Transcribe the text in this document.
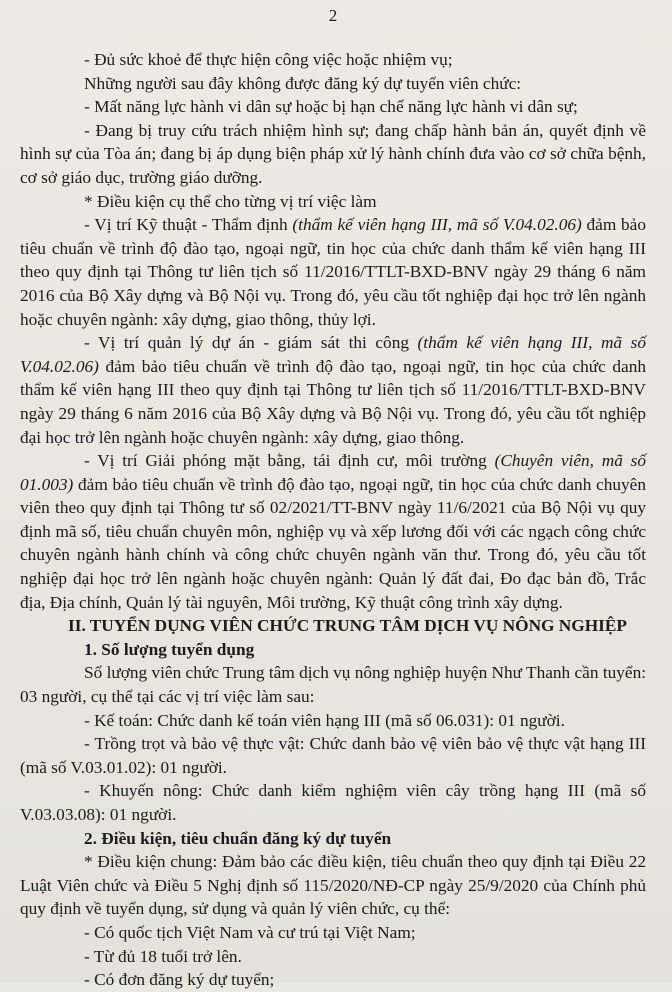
2

- Đủ sức khoẻ để thực hiện công việc hoặc nhiệm vụ;

Những người sau đây không được đăng ký dự tuyển viên chức:

- Mất năng lực hành vi dân sự hoặc bị hạn chế năng lực hành vi dân sự;

- Đang bị truy cứu trách nhiệm hình sự; đang chấp hành bản án, quyết định về hình sự của Tòa án; đang bị áp dụng biện pháp xử lý hành chính đưa vào cơ sở chữa bệnh, cơ sở giáo dục, trường giáo dưỡng.

* Điều kiện cụ thể cho từng vị trí việc làm

- Vị trí Kỹ thuật - Thẩm định (thẩm kế viên hạng III, mã số V.04.02.06) đảm bảo tiêu chuẩn về trình độ đào tạo, ngoại ngữ, tin học của chức danh thẩm kế viên hạng III theo quy định tại Thông tư liên tịch số 11/2016/TTLT-BXD-BNV ngày 29 tháng 6 năm 2016 của Bộ Xây dựng và Bộ Nội vụ. Trong đó, yêu cầu tốt nghiệp đại học trở lên ngành hoặc chuyên ngành: xây dựng, giao thông, thủy lợi.

- Vị trí quản lý dự án - giám sát thi công (thẩm kế viên hạng III, mã số V.04.02.06) đảm bảo tiêu chuẩn về trình độ đào tạo, ngoại ngữ, tin học của chức danh thẩm kế viên hạng III theo quy định tại Thông tư liên tịch số 11/2016/TTLT-BXD-BNV ngày 29 tháng 6 năm 2016 của Bộ Xây dựng và Bộ Nội vụ. Trong đó, yêu cầu tốt nghiệp đại học trở lên ngành hoặc chuyên ngành: xây dựng, giao thông.

- Vị trí Giải phóng mặt bằng, tái định cư, môi trường (Chuyên viên, mã số 01.003) đảm bảo tiêu chuẩn về trình độ đào tạo, ngoại ngữ, tin học của chức danh chuyên viên theo quy định tại Thông tư số 02/2021/TT-BNV ngày 11/6/2021 của Bộ Nội vụ quy định mã số, tiêu chuẩn chuyên môn, nghiệp vụ và xếp lương đối với các ngạch công chức chuyên ngành hành chính và công chức chuyên ngành văn thư. Trong đó, yêu cầu tốt nghiệp đại học trở lên ngành hoặc chuyên ngành: Quản lý đất đai, Đo đạc bản đồ, Trắc địa, Địa chính, Quản lý tài nguyên, Môi trường, Kỹ thuật công trình xây dựng.

II. TUYỂN DỤNG VIÊN CHỨC TRUNG TÂM DỊCH VỤ NÔNG NGHIỆP

1. Số lượng tuyển dụng

Số lượng viên chức Trung tâm dịch vụ nông nghiệp huyện Như Thanh cần tuyển: 03 người, cụ thể tại các vị trí việc làm sau:

- Kế toán: Chức danh kế toán viên hạng III (mã số 06.031): 01 người.

- Trồng trọt và bảo vệ thực vật: Chức danh bảo vệ viên bảo vệ thực vật hạng III (mã số V.03.01.02): 01 người.

- Khuyến nông: Chức danh kiểm nghiệm viên cây trồng hạng III (mã số V.03.03.08): 01 người.

2. Điều kiện, tiêu chuẩn đăng ký dự tuyển

* Điều kiện chung: Đảm bảo các điều kiện, tiêu chuẩn theo quy định tại Điều 22 Luật Viên chức và Điều 5 Nghị định số 115/2020/NĐ-CP ngày 25/9/2020 của Chính phủ quy định về tuyển dụng, sử dụng và quản lý viên chức, cụ thể:

- Có quốc tịch Việt Nam và cư trú tại Việt Nam;

- Từ đủ 18 tuổi trở lên.

- Có đơn đăng ký dự tuyển;
